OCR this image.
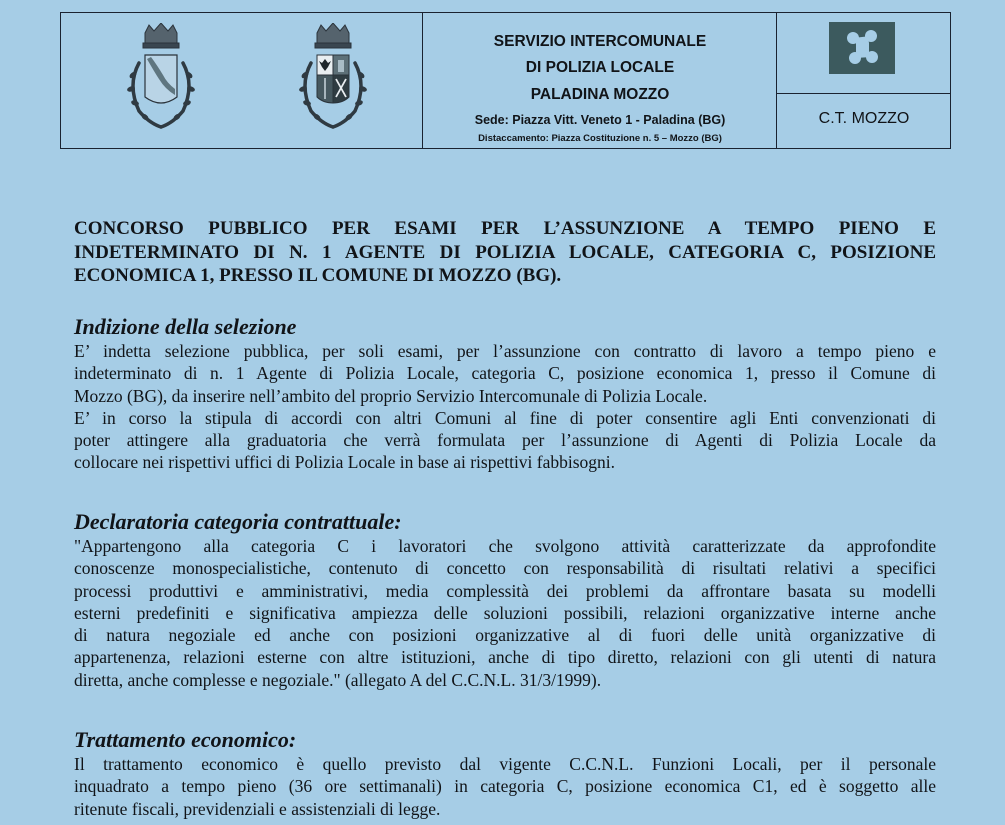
SERVIZIO INTERCOMUNALE
DI POLIZIA LOCALE
PALADINA MOZZO
Sede: Piazza Vitt. Veneto 1 - Paladina (BG)
Distaccamento: Piazza Costituzione n. 5 – Mozzo (BG)
C.T. MOZZO
CONCORSO PUBBLICO PER ESAMI PER L’ASSUNZIONE A TEMPO PIENO E
INDETERMINATO DI N. 1 AGENTE DI POLIZIA LOCALE, CATEGORIA C, POSIZIONE
ECONOMICA 1, PRESSO IL COMUNE DI MOZZO (BG).
Indizione della selezione
E’ indetta selezione pubblica, per soli esami, per l’assunzione con contratto di lavoro a tempo pieno e
indeterminato di n. 1 Agente di Polizia Locale, categoria C, posizione economica 1, presso il Comune di
Mozzo (BG), da inserire nell’ambito del proprio Servizio Intercomunale di Polizia Locale.
E’ in corso la stipula di accordi con altri Comuni al fine di poter consentire agli Enti convenzionati di
poter attingere alla graduatoria che verrà formulata per l’assunzione di Agenti di Polizia Locale da
collocare nei rispettivi uffici di Polizia Locale in base ai rispettivi fabbisogni.
Declaratoria categoria contrattuale:
"Appartengono alla categoria C i lavoratori che svolgono attività caratterizzate da approfondite
conoscenze monospecialistiche, contenuto di concetto con responsabilità di risultati relativi a specifici
processi produttivi e amministrativi, media complessità dei problemi da affrontare basata su modelli
esterni predefiniti e significativa ampiezza delle soluzioni possibili, relazioni organizzative interne anche
di natura negoziale ed anche con posizioni organizzative al di fuori delle unità organizzative di
appartenenza, relazioni esterne con altre istituzioni, anche di tipo diretto, relazioni con gli utenti di natura
diretta, anche complesse e negoziale." (allegato A del C.C.N.L. 31/3/1999).
Trattamento economico:
Il trattamento economico è quello previsto dal vigente C.C.N.L. Funzioni Locali, per il personale
inquadrato a tempo pieno (36 ore settimanali) in categoria C, posizione economica C1, ed è soggetto alle
ritenute fiscali, previdenziali e assistenziali di legge.
